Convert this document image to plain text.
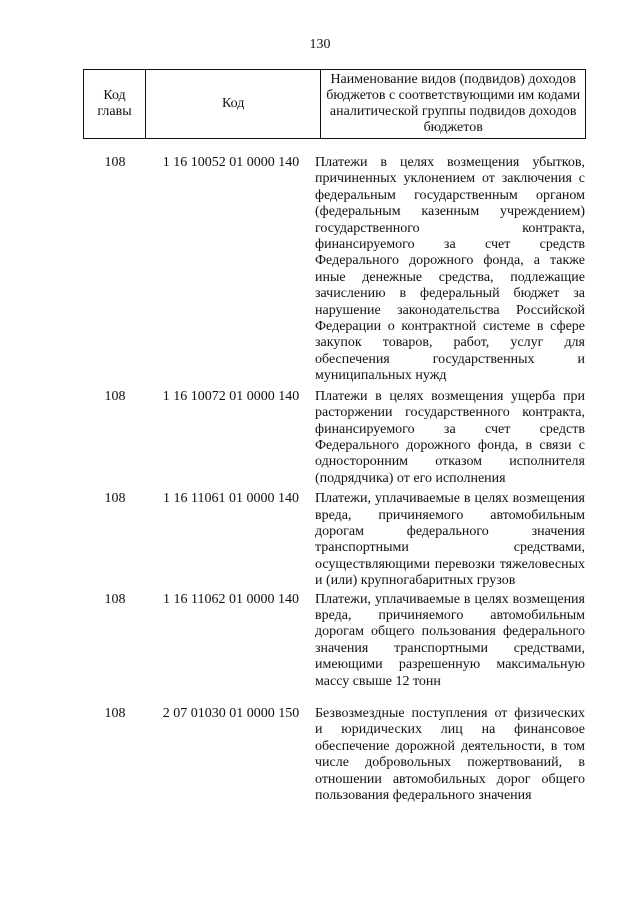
130
Код главы	Код	Наименование видов (подвидов) доходов бюджетов с соответствующими им кодами аналитической группы подвидов доходов бюджетов
108	1 16 10052 01 0000 140	Платежи в целях возмещения убытков, причиненных уклонением от заключения с федеральным государственным органом (федеральным казенным учреждением) государственного контракта, финансируемого за счет средств Федерального дорожного фонда, а также иные денежные средства, подлежащие зачислению в федеральный бюджет за нарушение законодательства Российской Федерации о контрактной системе в сфере закупок товаров, работ, услуг для обеспечения государственных и муниципальных нужд
108	1 16 10072 01 0000 140	Платежи в целях возмещения ущерба при расторжении государственного контракта, финансируемого за счет средств Федерального дорожного фонда, в связи с односторонним отказом исполнителя (подрядчика) от его исполнения
108	1 16 11061 01 0000 140	Платежи, уплачиваемые в целях возмещения вреда, причиняемого автомобильным дорогам федерального значения транспортными средствами, осуществляющими перевозки тяжеловесных и (или) крупногабаритных грузов
108	1 16 11062 01 0000 140	Платежи, уплачиваемые в целях возмещения вреда, причиняемого автомобильным дорогам общего пользования федерального значения транспортными средствами, имеющими разрешенную максимальную массу свыше 12 тонн
108	2 07 01030 01 0000 150	Безвозмездные поступления от физических и юридических лиц на финансовое обеспечение дорожной деятельности, в том числе добровольных пожертвований, в отношении автомобильных дорог общего пользования федерального значения
